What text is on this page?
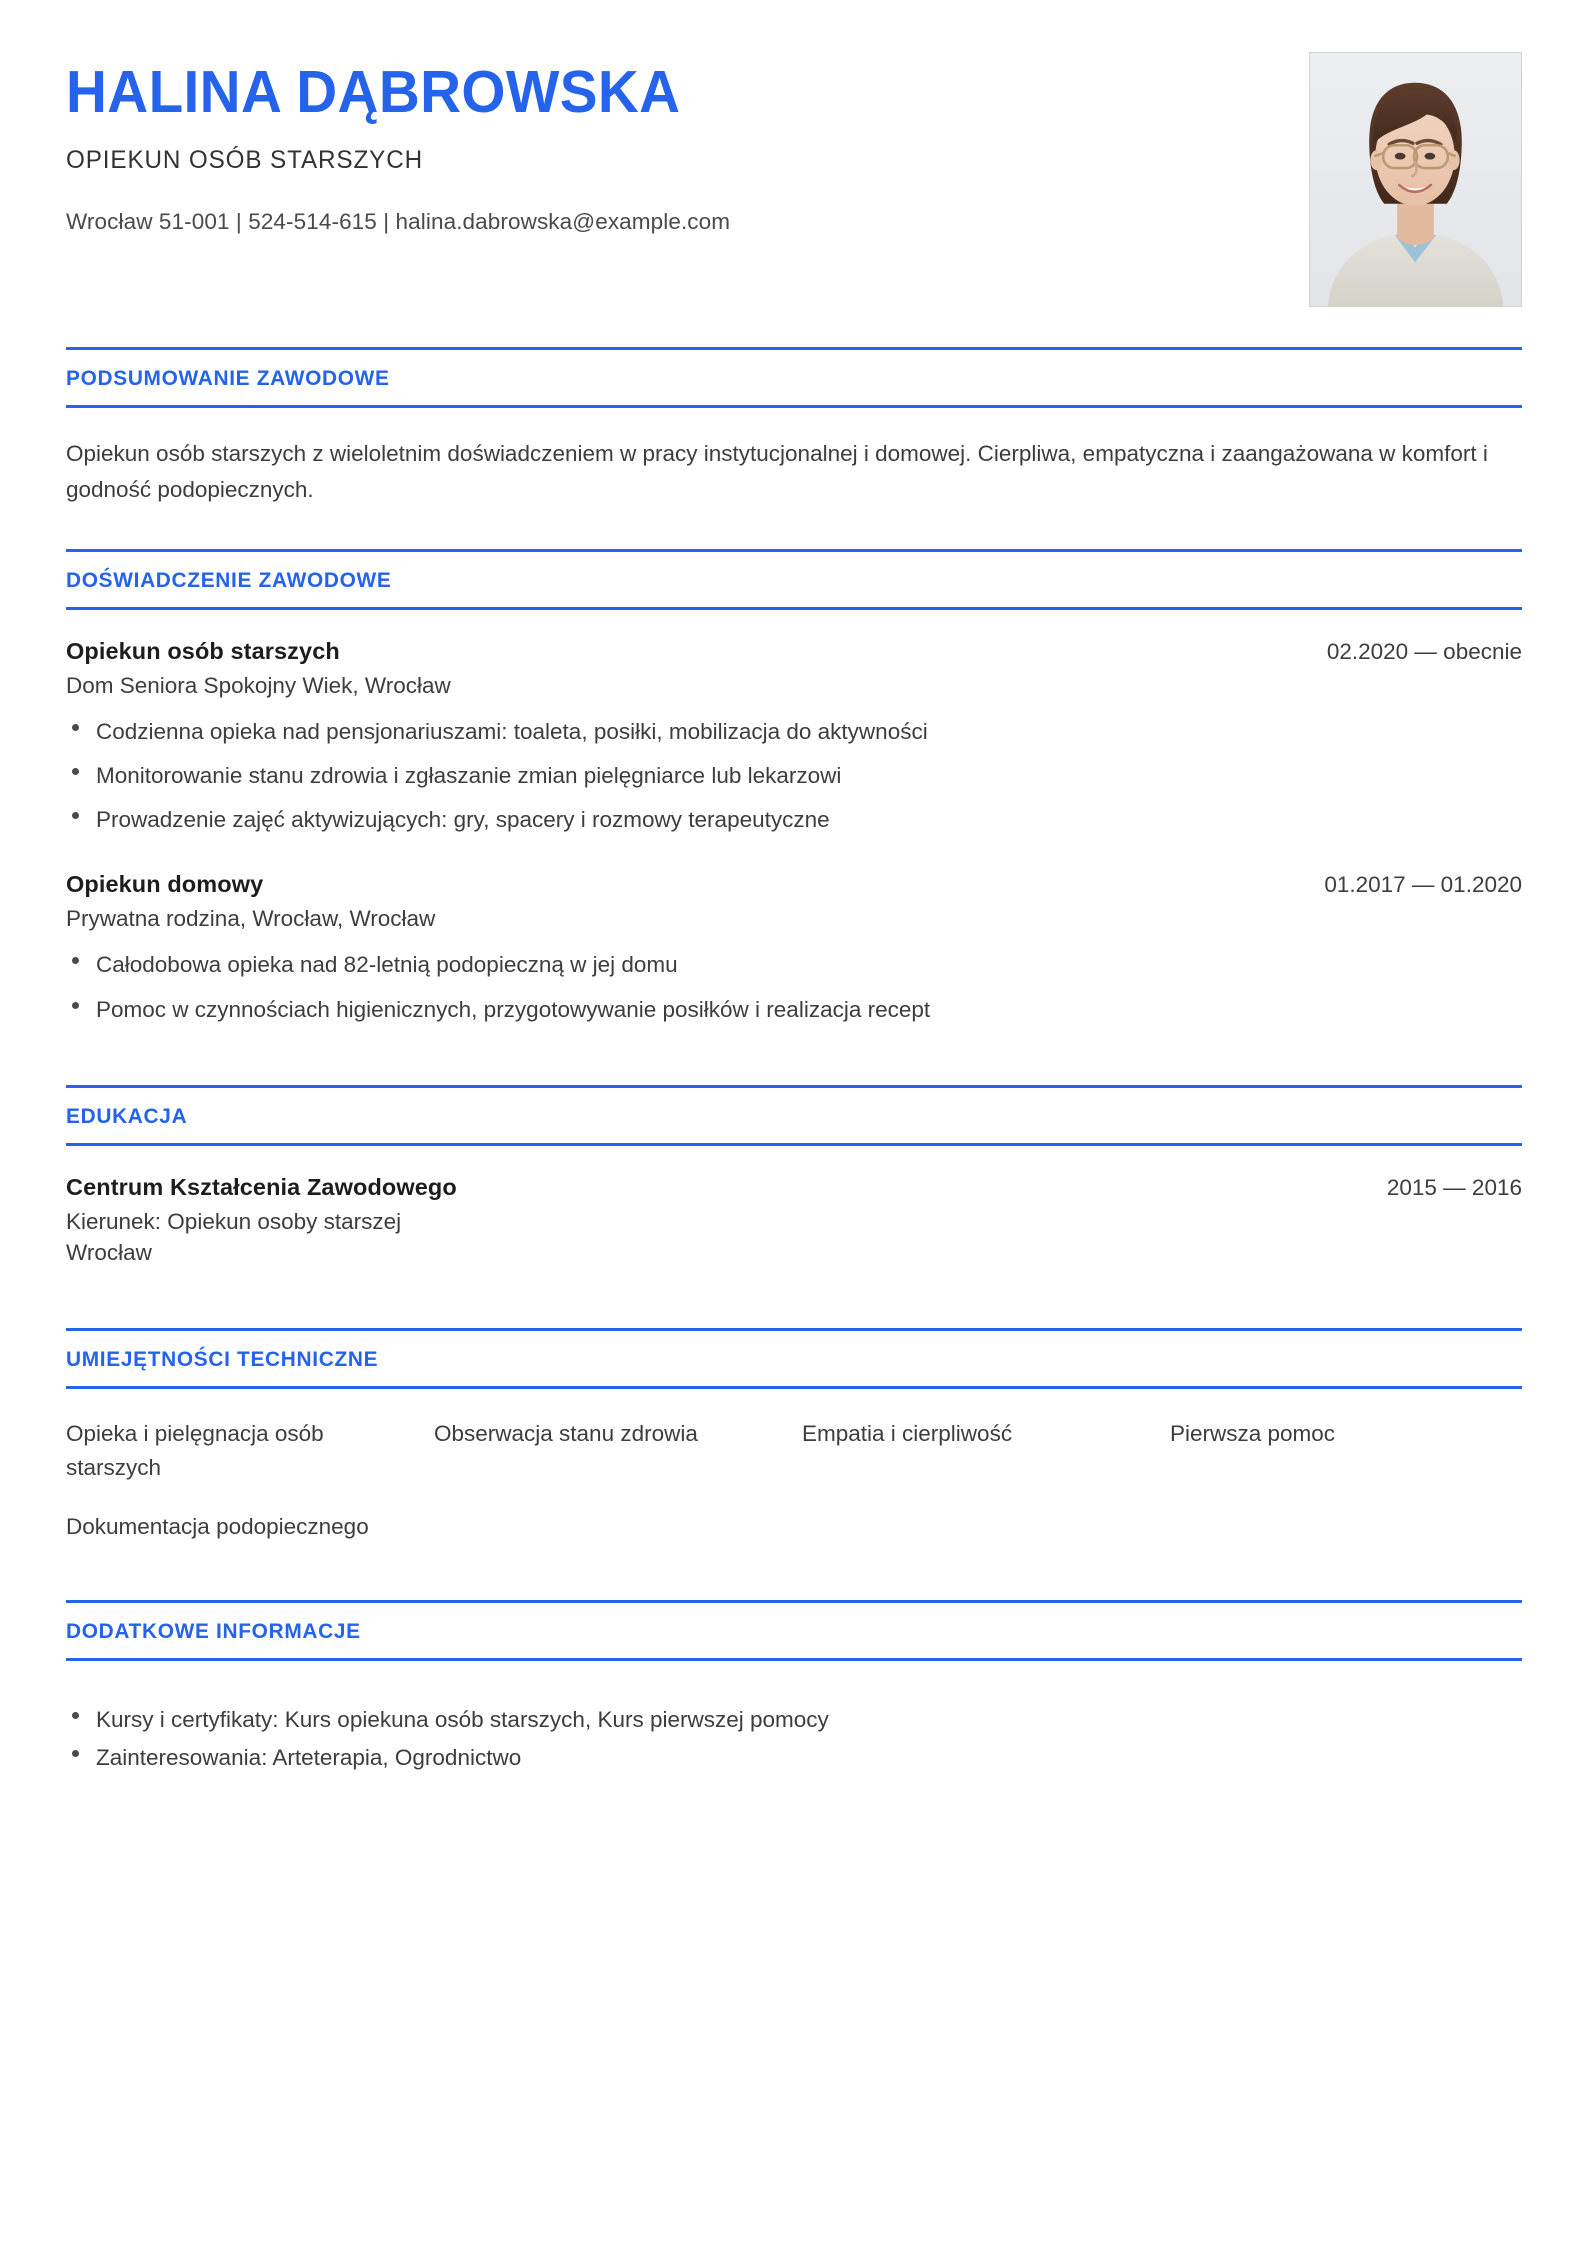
HALINA DĄBROWSKA
OPIEKUN OSÓB STARSZYCH
Wrocław 51-001 | 524-514-615 | halina.dabrowska@example.com
PODSUMOWANIE ZAWODOWE
Opiekun osób starszych z wieloletnim doświadczeniem w pracy instytucjonalnej i domowej. Cierpliwa, empatyczna i zaangażowana w komfort i godność podopiecznych.
DOŚWIADCZENIE ZAWODOWE
Opiekun osób starszych	02.2020 — obecnie
Dom Seniora Spokojny Wiek, Wrocław
Codzienna opieka nad pensjonariuszami: toaleta, posiłki, mobilizacja do aktywności
Monitorowanie stanu zdrowia i zgłaszanie zmian pielęgniarce lub lekarzowi
Prowadzenie zajęć aktywizujących: gry, spacery i rozmowy terapeutyczne
Opiekun domowy	01.2017 — 01.2020
Prywatna rodzina, Wrocław, Wrocław
Całodobowa opieka nad 82-letnią podopieczną w jej domu
Pomoc w czynnościach higienicznych, przygotowywanie posiłków i realizacja recept
EDUKACJA
Centrum Kształcenia Zawodowego	2015 — 2016
Kierunek: Opiekun osoby starszej
Wrocław
UMIEJĘTNOŚCI TECHNICZNE
Opieka i pielęgnacja osób starszych
Obserwacja stanu zdrowia	Empatia i cierpliwość	Pierwsza pomoc
Dokumentacja podopiecznego
DODATKOWE INFORMACJE
Kursy i certyfikaty: Kurs opiekuna osób starszych, Kurs pierwszej pomocy
Zainteresowania: Arteterapia, Ogrodnictwo
